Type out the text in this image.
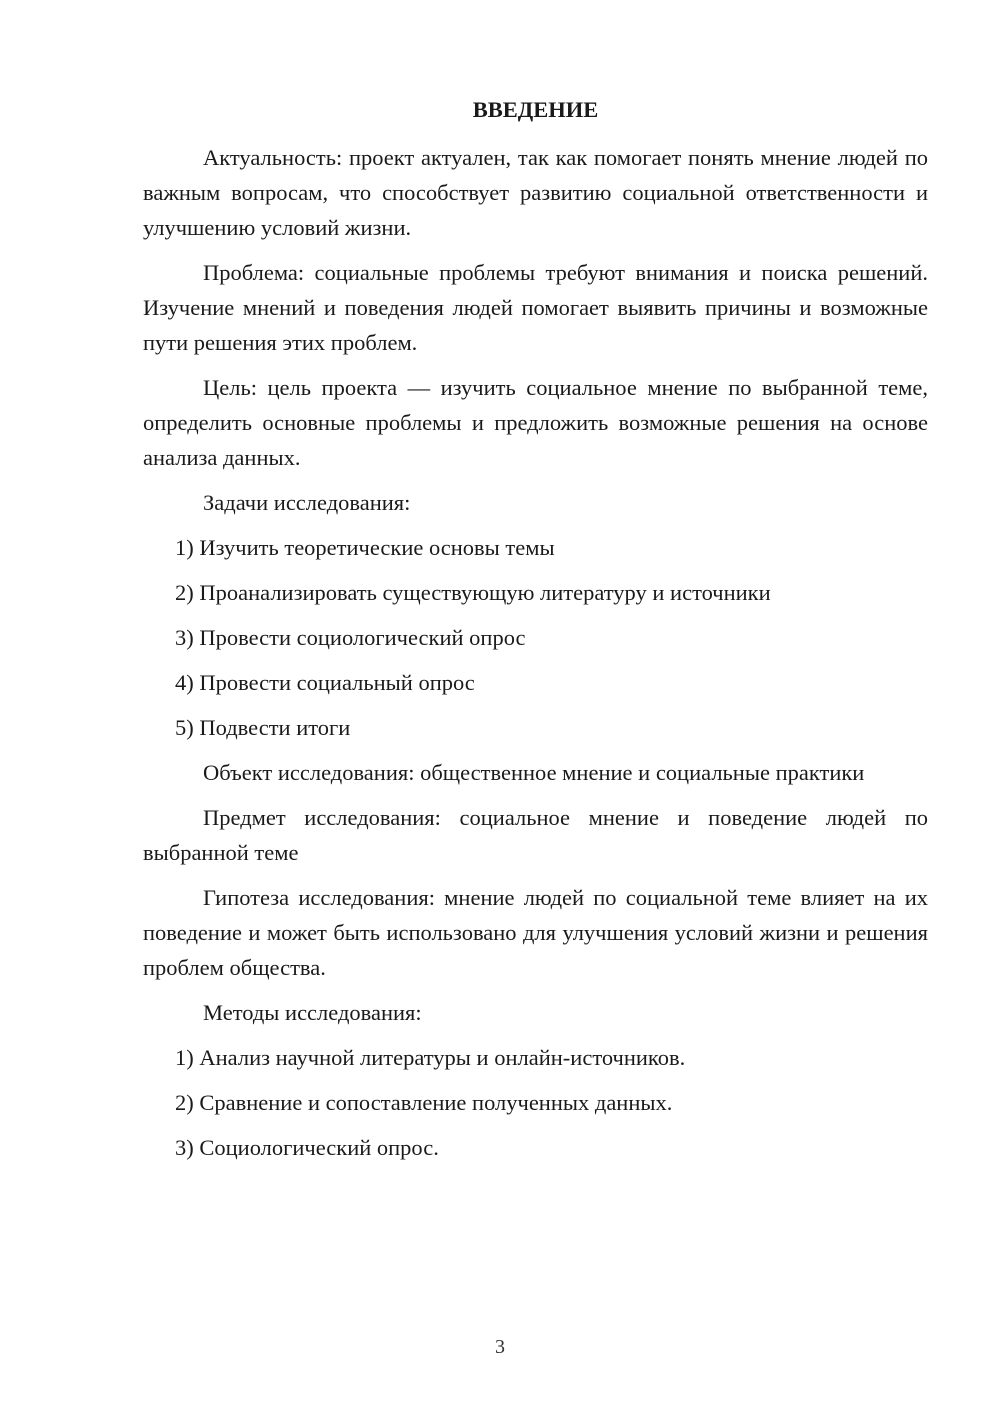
ВВЕДЕНИЕ

Актуальность: проект актуален, так как помогает понять мнение людей по важным вопросам, что способствует развитию социальной ответственности и улучшению условий жизни.

Проблема: социальные проблемы требуют внимания и поиска решений. Изучение мнений и поведения людей помогает выявить причины и возможные пути решения этих проблем.

Цель: цель проекта — изучить социальное мнение по выбранной теме, определить основные проблемы и предложить возможные решения на основе анализа данных.

Задачи исследования:

1) Изучить теоретические основы темы
2) Проанализировать существующую литературу и источники
3) Провести социологический опрос
4) Провести социальный опрос
5) Подвести итоги

Объект исследования: общественное мнение и социальные практики

Предмет исследования: социальное мнение и поведение людей по выбранной теме

Гипотеза исследования: мнение людей по социальной теме влияет на их поведение и может быть использовано для улучшения условий жизни и решения проблем общества.

Методы исследования:

1) Анализ научной литературы и онлайн-источников.
2) Сравнение и сопоставление полученных данных.
3) Социологический опрос.
3
